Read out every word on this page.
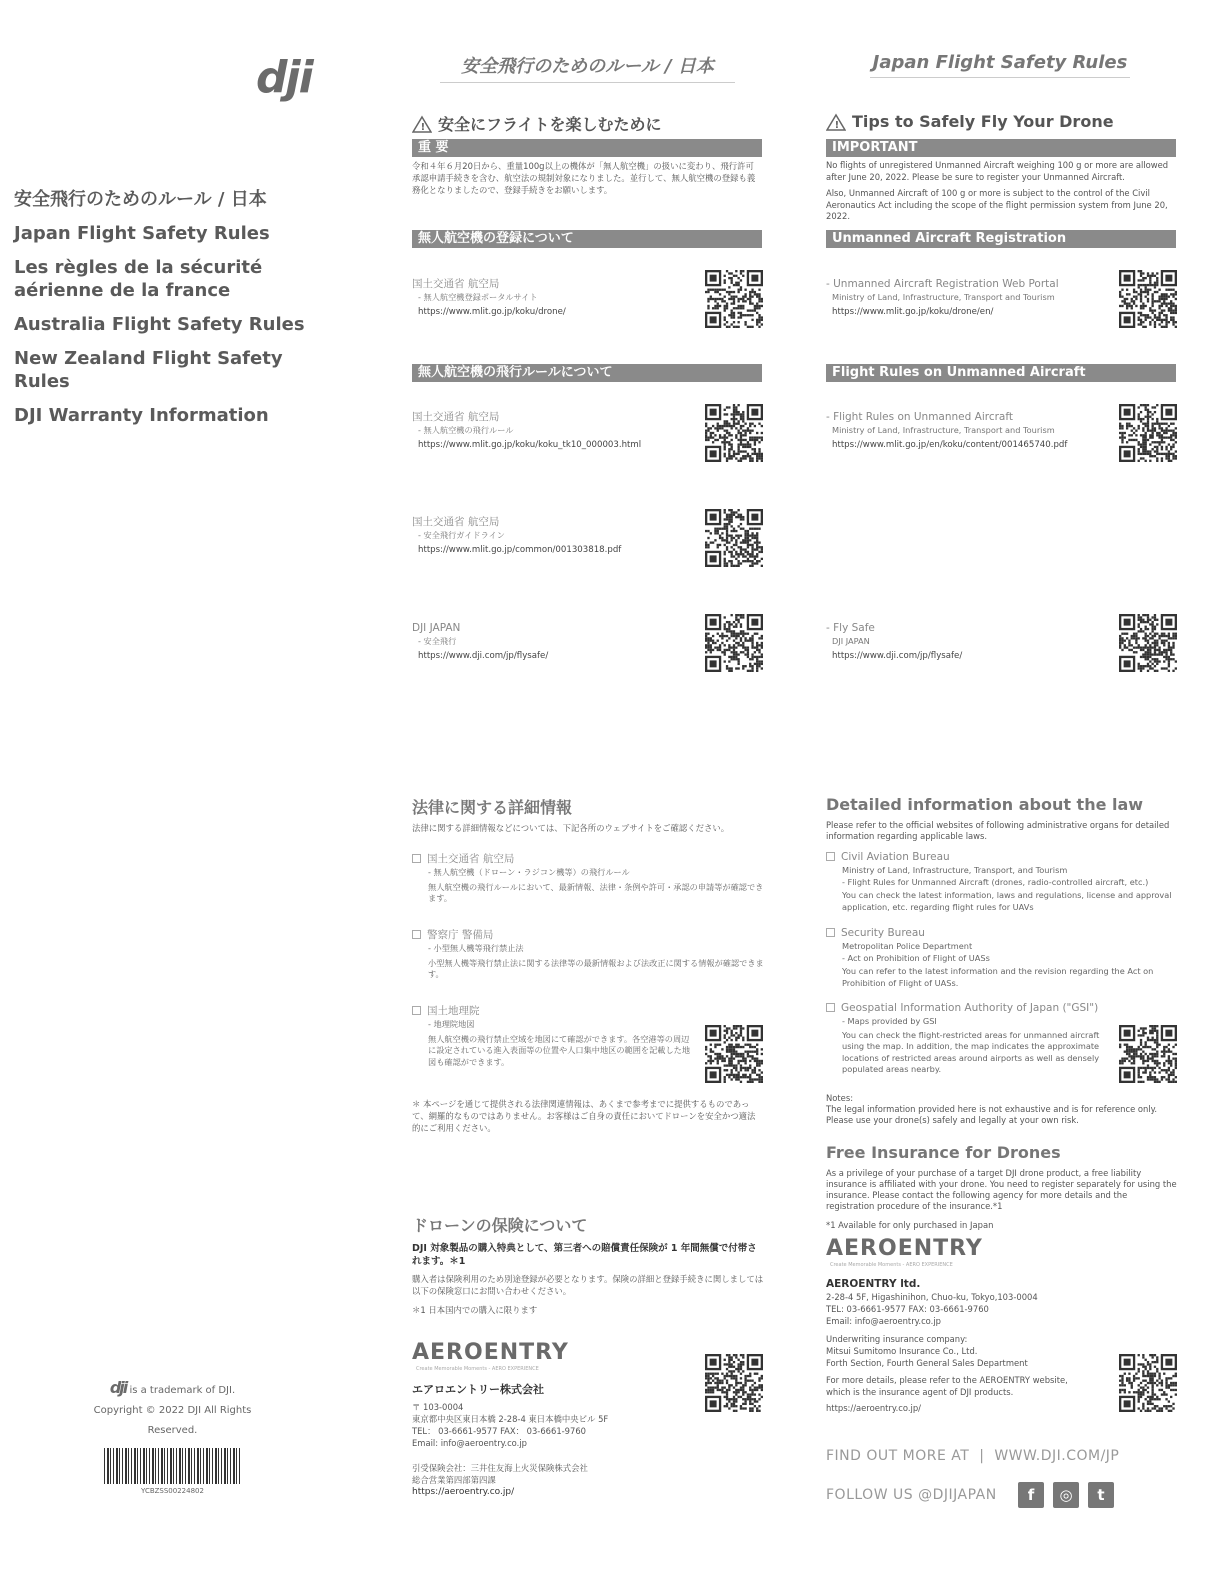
dji
安全飛行のためのルール / 日本
Japan Flight Safety Rules
Les règles de la sécurité aérienne de la france
Australia Flight Safety Rules
New Zealand Flight Safety Rules
DJI Warranty Information
dji is a trademark of DJI.
Copyright © 2022 DJI All Rights Reserved.
YCBZSS00224802
安全飛行のためのルール / 日本
! 安全にフライトを楽しむために
重 要
令和４年６月20日から、重量100g以上の機体が「無人航空機」の扱いに変わり、飛行許可承認申請手続きを含む、航空法の規制対象になりました。並行して、無人航空機の登録も義務化となりましたので、登録手続きをお願いします。
無人航空機の登録について
国土交通省 航空局
- 無人航空機登録ポータルサイト
https://www.mlit.go.jp/koku/drone/
無人航空機の飛行ルールについて
国土交通省 航空局
- 無人航空機の飛行ルール
https://www.mlit.go.jp/koku/koku_tk10_000003.html
国土交通省 航空局
- 安全飛行ガイドライン
https://www.mlit.go.jp/common/001303818.pdf
DJI JAPAN
- 安全飛行
https://www.dji.com/jp/flysafe/
法律に関する詳細情報
法律に関する詳細情報などについては、下記各所のウェブサイトをご確認ください。
国土交通省 航空局
- 無人航空機（ドローン・ラジコン機等）の飛行ルール
無人航空機の飛行ルールにおいて、最新情報、法律・条例や許可・承認の申請等が確認できます。
警察庁 警備局
- 小型無人機等飛行禁止法
小型無人機等飛行禁止法に関する法律等の最新情報および法改正に関する情報が確認できます。
国土地理院
- 地理院地図
無人航空機の飛行禁止空域を地図にて確認ができます。各空港等の周辺に設定されている進入表面等の位置や人口集中地区の範囲を記載した地図も確認ができます。
＊ 本ページを通じて提供される法律関連情報は、あくまで参考までに提供するものであって、網羅的なものではありません。お客様はご自身の責任においてドローンを安全かつ適法的にご利用ください。
ドローンの保険について
DJI 対象製品の購入特典として、第三者への賠償責任保険が 1 年間無償で付帯されます。＊1
購入者は保険利用のため別途登録が必要となります。保険の詳細と登録手続きに関しましては以下の保険窓口にお問い合わせください。
＊1 日本国内での購入に限ります
AEROENTRY
Create Memorable Moments - AERO EXPERIENCE
エアロエントリー株式会社
〒 103-0004
東京都中央区東日本橋 2-28-4 東日本橋中央ビル 5F
TEL： 03-6661-9577 FAX： 03-6661-9760
Email: info@aeroentry.co.jp
引受保険会社：三井住友海上火災保険株式会社
総合営業第四部第四課
https://aeroentry.co.jp/
Japan Flight Safety Rules
! Tips to Safely Fly Your Drone
IMPORTANT
No flights of unregistered Unmanned Aircraft weighing 100 g or more are allowed after June 20, 2022. Please be sure to register your Unmanned Aircraft.
Also, Unmanned Aircraft of 100 g or more is subject to the control of the Civil Aeronautics Act including the scope of the flight permission system from June 20, 2022.
Unmanned Aircraft Registration
- Unmanned Aircraft Registration Web Portal
Ministry of Land, Infrastructure, Transport and Tourism
https://www.mlit.go.jp/koku/drone/en/
Flight Rules on Unmanned Aircraft
- Flight Rules on Unmanned Aircraft
Ministry of Land, Infrastructure, Transport and Tourism
https://www.mlit.go.jp/en/koku/content/001465740.pdf
- Fly Safe
DJI JAPAN
https://www.dji.com/jp/flysafe/
Detailed information about the law
Please refer to the official websites of following administrative organs for detailed information regarding applicable laws.
Civil Aviation Bureau
Ministry of Land, Infrastructure, Transport, and Tourism
- Flight Rules for Unmanned Aircraft (drones, radio-controlled aircraft, etc.)
You can check the latest information, laws and regulations, license and approval application, etc. regarding flight rules for UAVs
Security Bureau
Metropolitan Police Department
- Act on Prohibition of Flight of UASs
You can refer to the latest information and the revision regarding the Act on Prohibition of Flight of UASs.
Geospatial Information Authority of Japan ("GSI")
- Maps provided by GSI
You can check the flight-restricted areas for unmanned aircraft using the map. In addition, the map indicates the approximate locations of restricted areas around airports as well as densely populated areas nearby.
Notes:
The legal information provided here is not exhaustive and is for reference only. Please use your drone(s) safely and legally at your own risk.
Free Insurance for Drones
As a privilege of your purchase of a target DJI drone product, a free liability insurance is affiliated with your drone. You need to register separately for using the insurance. Please contact the following agency for more details and the registration procedure of the insurance.*1
*1 Available for only purchased in Japan
AEROENTRY
Create Memorable Moments - AERO EXPERIENCE
AEROENTRY ltd.
2-28-4 5F, Higashinihon, Chuo-ku, Tokyo,103-0004
TEL: 03-6661-9577 FAX: 03-6661-9760
Email: info@aeroentry.co.jp
Underwriting insurance company:
Mitsui Sumitomo Insurance Co., Ltd.
Forth Section, Fourth General Sales Department
For more details, please refer to the AEROENTRY website, which is the insurance agent of DJI products.
https://aeroentry.co.jp/
FIND OUT MORE AT  |  WWW.DJI.COM/JP
FOLLOW US @DJIJAPAN	f	◎	t
